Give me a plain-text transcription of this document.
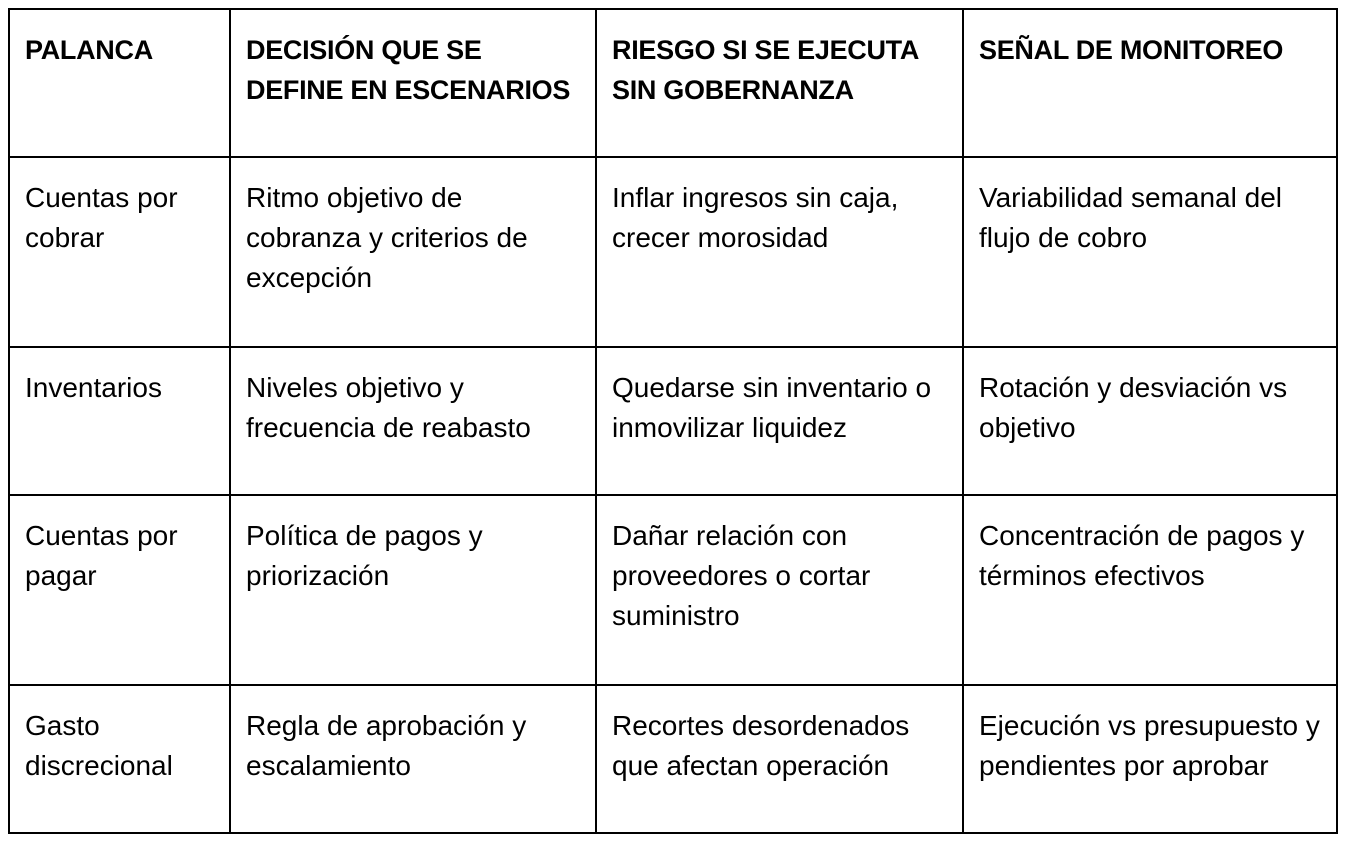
PALANCA	DECISIÓN QUE SE DEFINE EN ESCENARIOS	RIESGO SI SE EJECUTA SIN GOBERNANZA	SEÑAL DE MONITOREO
Cuentas por cobrar	Ritmo objetivo de cobranza y criterios de excepción	Inflar ingresos sin caja, crecer morosidad	Variabilidad semanal del flujo de cobro
Inventarios	Niveles objetivo y frecuencia de reabasto	Quedarse sin inventario o inmovilizar liquidez	Rotación y desviación vs objetivo
Cuentas por pagar	Política de pagos y priorización	Dañar relación con proveedores o cortar suministro	Concentración de pagos y términos efectivos
Gasto discrecional	Regla de aprobación y escalamiento	Recortes desordenados que afectan operación	Ejecución vs presupuesto y pendientes por aprobar
